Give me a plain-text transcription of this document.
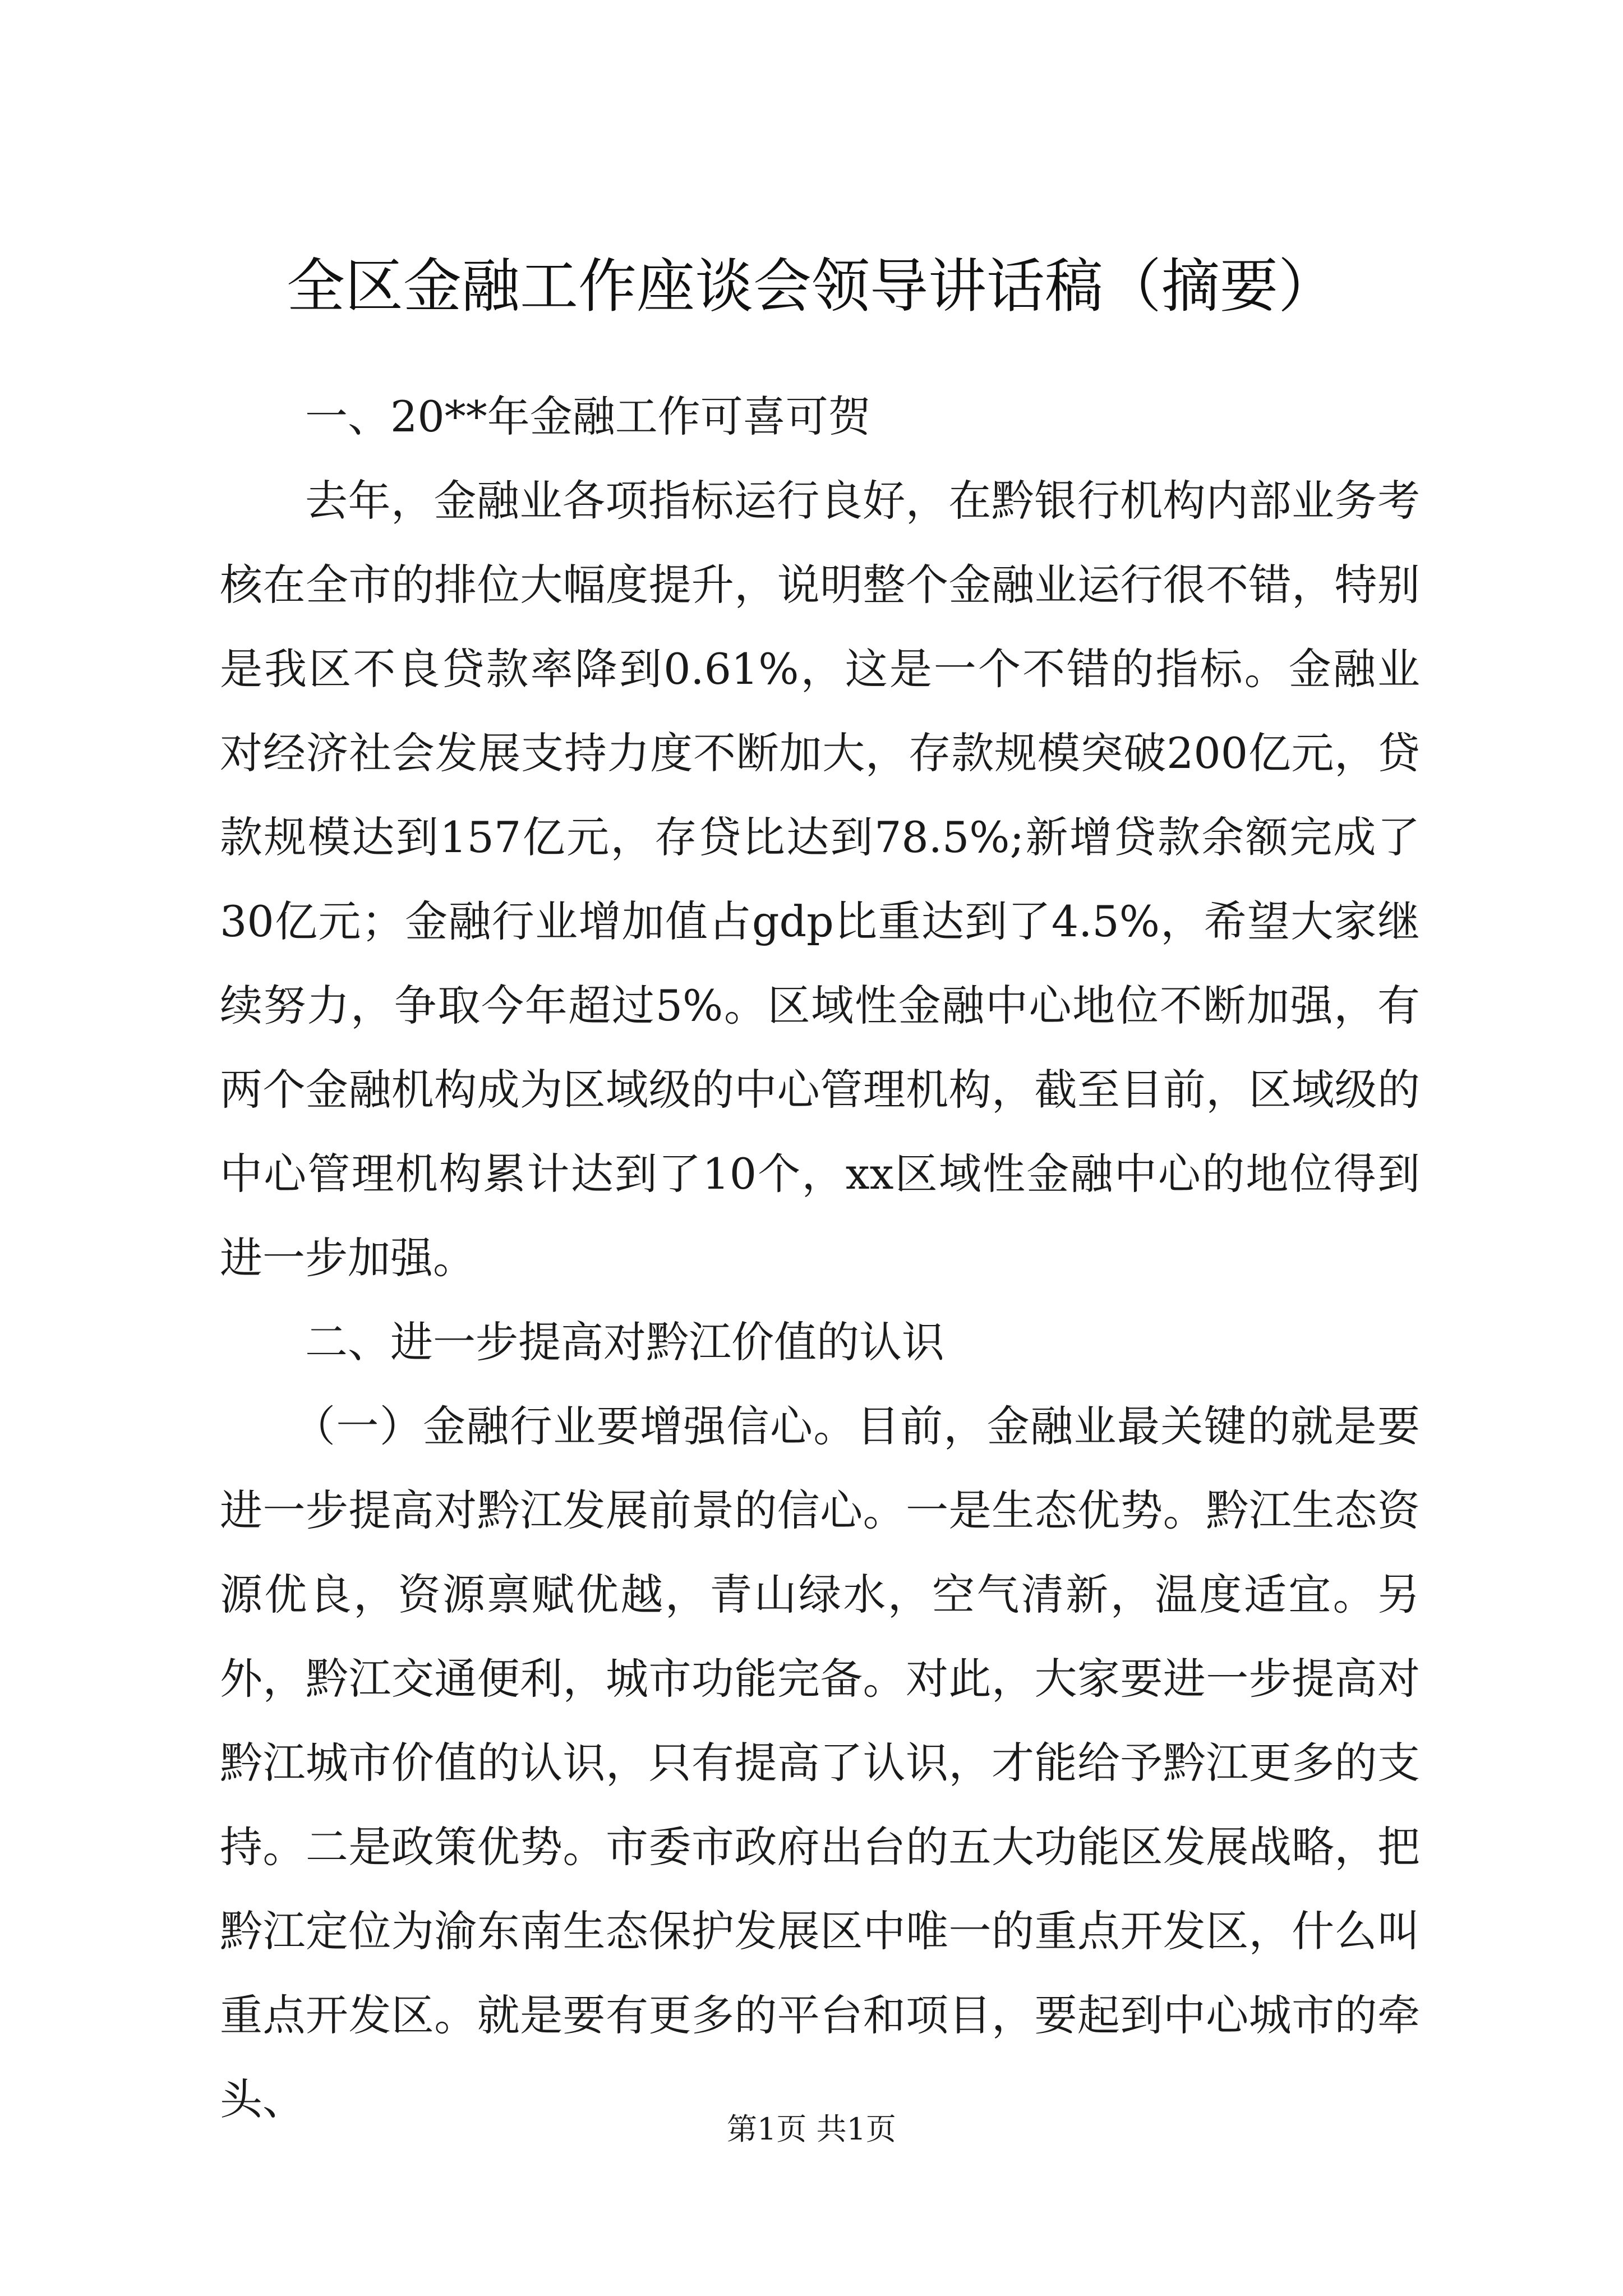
全区金融工作座谈会领导讲话稿（摘要）

一、20**年金融工作可喜可贺

去年，金融业各项指标运行良好，在黔银行机构内部业务考核在全市的排位大幅度提升，说明整个金融业运行很不错，特别是我区不良贷款率降到0.61%，这是一个不错的指标。金融业对经济社会发展支持力度不断加大，存款规模突破200亿元，贷款规模达到157亿元，存贷比达到78.5%;新增贷款余额完成了30亿元；金融行业增加值占gdp比重达到了4.5%，希望大家继续努力，争取今年超过5%。区域性金融中心地位不断加强，有两个金融机构成为区域级的中心管理机构，截至目前，区域级的中心管理机构累计达到了10个，xx区域性金融中心的地位得到进一步加强。

二、进一步提高对黔江价值的认识

（一）金融行业要增强信心。目前，金融业最关键的就是要进一步提高对黔江发展前景的信心。一是生态优势。黔江生态资源优良，资源禀赋优越，青山绿水，空气清新，温度适宜。另外，黔江交通便利，城市功能完备。对此，大家要进一步提高对黔江城市价值的认识，只有提高了认识，才能给予黔江更多的支持。二是政策优势。市委市政府出台的五大功能区发展战略，把黔江定位为渝东南生态保护发展区中唯一的重点开发区，什么叫重点开发区。就是要有更多的平台和项目，要起到中心城市的牵头、

第1页 共1页
